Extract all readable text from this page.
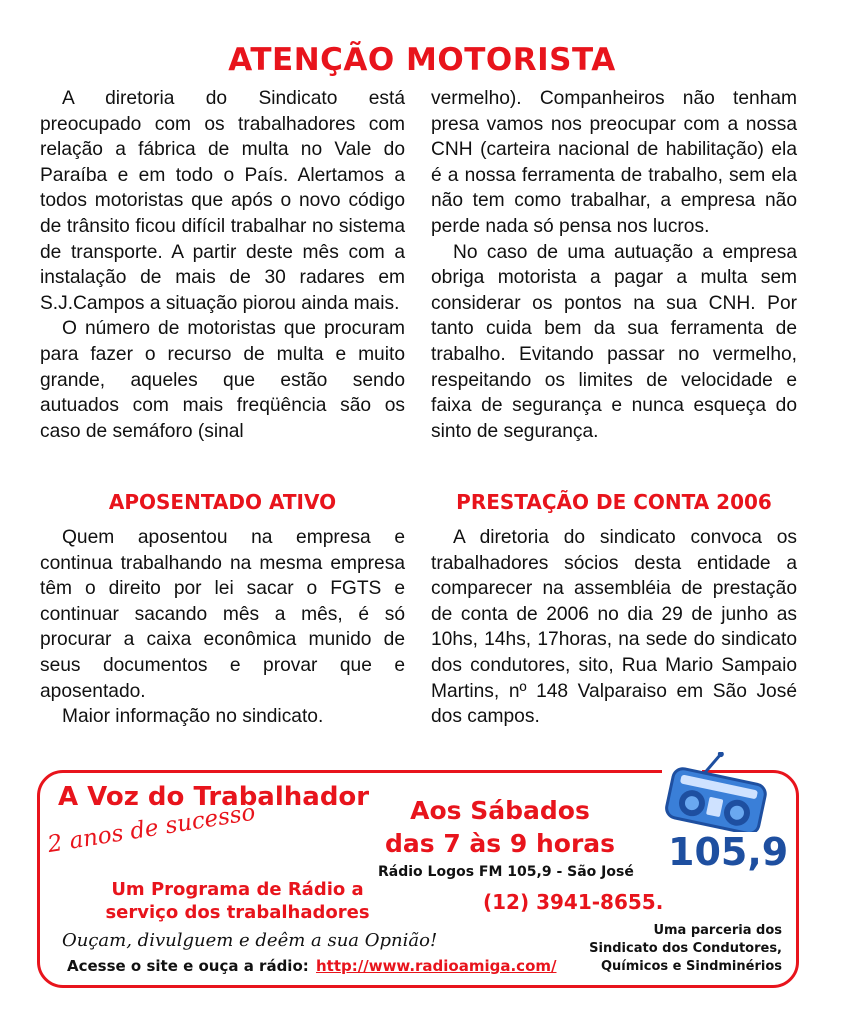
ATENÇÃO MOTORISTA

A diretoria do Sindicato está preocupado com os trabalhadores com relação a fábrica de multa no Vale do Paraíba e em todo o País. Alertamos a todos motoristas que após o novo código de trânsito ficou difícil trabalhar no sistema de transporte. A partir deste mês com a instalação de mais de 30 radares em S.J.Campos a situação piorou ainda mais.

O número de motoristas que procuram para fazer o recurso de multa e muito grande, aqueles que estão sendo autuados com mais freqüência são os caso de semáforo (sinal

vermelho). Companheiros não tenham presa vamos nos preocupar com a nossa CNH (carteira nacional de habilitação) ela é a nossa ferramenta de trabalho, sem ela não tem como trabalhar, a empresa não perde nada só pensa nos lucros.

No caso de uma autuação a empresa obriga motorista a pagar a multa sem considerar os pontos na sua CNH. Por tanto cuida bem da sua ferramenta de trabalho. Evitando passar no vermelho, respeitando os limites de velocidade e faixa de segurança e nunca esqueça do sinto de segurança.

APOSENTADO ATIVO	PRESTAÇÃO DE CONTA 2006

Quem aposentou na empresa e continua trabalhando na mesma empresa têm o direito por lei sacar o FGTS e continuar sacando mês a mês, é só procurar a caixa econômica munido de seus documentos e provar que e aposentado.

Maior informação no sindicato.

A diretoria do sindicato convoca os trabalhadores sócios desta entidade a comparecer na assembléia de prestação de conta de 2006 no dia 29 de junho as 10hs, 14hs, 17horas, na sede do sindicato dos condutores, sito, Rua Mario Sampaio Martins, nº 148 Valparaiso em São José dos campos.

A Voz do Trabalhador
2 anos de sucesso
Um Programa de Rádio a
serviço dos trabalhadores
Ouçam, divulguem e deêm a sua Opnião!
Acesse o site e ouça a rádio: http://www.radioamiga.com/
Aos Sábados
das 7 às 9 horas
Rádio Logos FM 105,9 - São José
(12) 3941-8655.
105,9
Uma parceria dos
Sindicato dos Condutores,
Químicos e Sindminérios
